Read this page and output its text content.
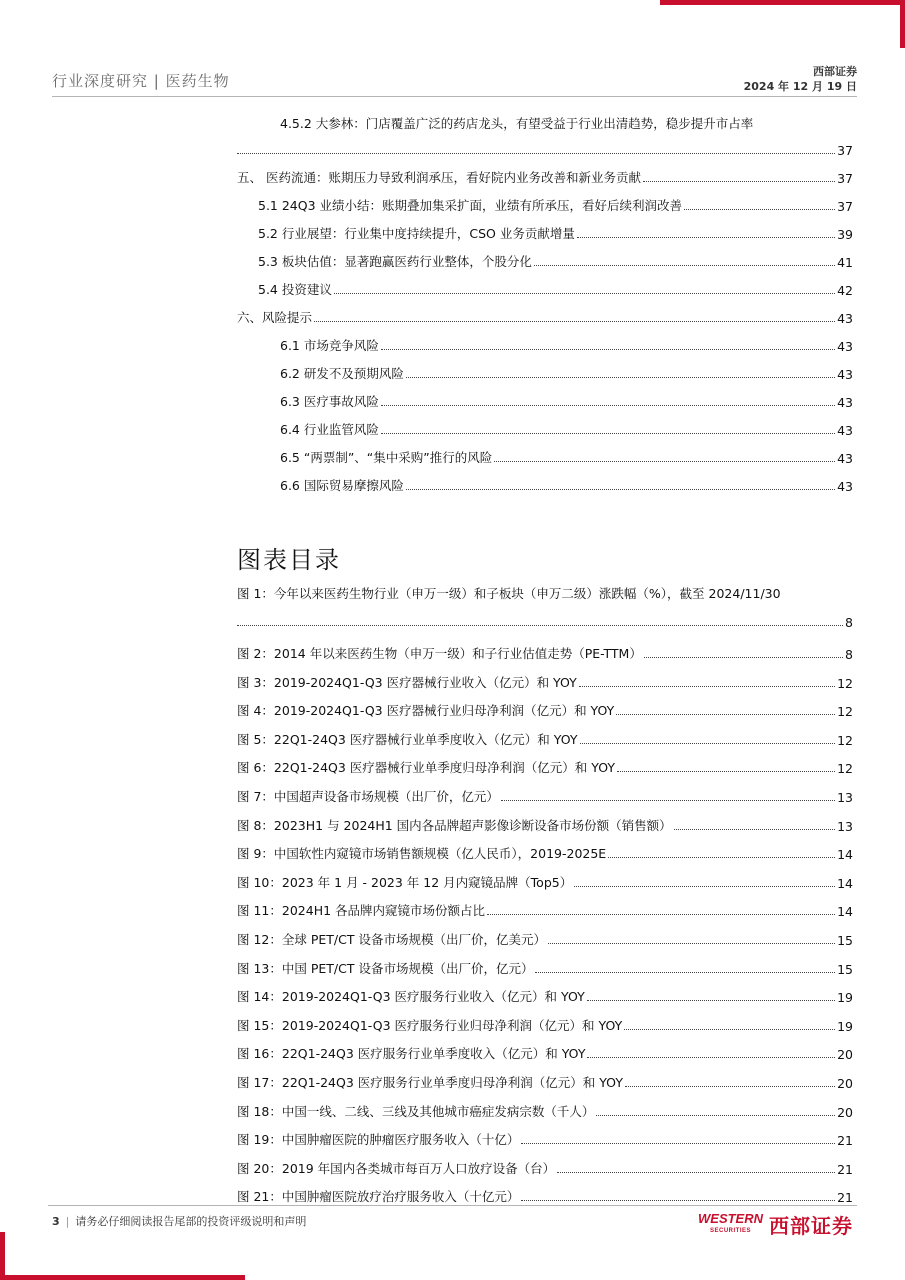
行业深度研究 | 医药生物
西部证券
2024 年 12 月 19 日
4.5.2 大参林：门店覆盖广泛的药店龙头，有望受益于行业出清趋势，稳步提升市占率
37
五、 医药流通：账期压力导致利润承压，看好院内业务改善和新业务贡献	37
5.1 24Q3 业绩小结：账期叠加集采扩面，业绩有所承压，看好后续利润改善	37
5.2 行业展望：行业集中度持续提升，CSO 业务贡献增量	39
5.3 板块估值：显著跑赢医药行业整体，个股分化	41
5.4 投资建议	42
六、风险提示	43
6.1 市场竞争风险	43
6.2 研发不及预期风险	43
6.3 医疗事故风险	43
6.4 行业监管风险	43
6.5 “两票制”、“集中采购”推行的风险	43
6.6 国际贸易摩擦风险	43
图表目录
图 1：今年以来医药生物行业（申万一级）和子板块（申万二级）涨跌幅（%），截至 2024/11/30
8
图 2：2014 年以来医药生物（申万一级）和子行业估值走势（PE-TTM）	8
图 3：2019-2024Q1-Q3 医疗器械行业收入（亿元）和 YOY	12
图 4：2019-2024Q1-Q3 医疗器械行业归母净利润（亿元）和 YOY	12
图 5：22Q1-24Q3 医疗器械行业单季度收入（亿元）和 YOY	12
图 6：22Q1-24Q3 医疗器械行业单季度归母净利润（亿元）和 YOY	12
图 7：中国超声设备市场规模（出厂价，亿元）	13
图 8：2023H1 与 2024H1 国内各品牌超声影像诊断设备市场份额（销售额）	13
图 9：中国软性内窥镜市场销售额规模（亿人民币），2019-2025E	14
图 10：2023 年 1 月 - 2023 年 12 月内窥镜品牌（Top5）	14
图 11：2024H1 各品牌内窥镜市场份额占比	14
图 12：全球 PET/CT 设备市场规模（出厂价，亿美元）	15
图 13：中国 PET/CT 设备市场规模（出厂价，亿元）	15
图 14：2019-2024Q1-Q3 医疗服务行业收入（亿元）和 YOY	19
图 15：2019-2024Q1-Q3 医疗服务行业归母净利润（亿元）和 YOY	19
图 16：22Q1-24Q3 医疗服务行业单季度收入（亿元）和 YOY	20
图 17：22Q1-24Q3 医疗服务行业单季度归母净利润（亿元）和 YOY	20
图 18：中国一线、二线、三线及其他城市癌症发病宗数（千人）	20
图 19：中国肿瘤医院的肿瘤医疗服务收入（十亿）	21
图 20：2019 年国内各类城市每百万人口放疗设备（台）	21
图 21：中国肿瘤医院放疗治疗服务收入（十亿元）	21
3 | 请务必仔细阅读报告尾部的投资评级说明和声明	WESTERN
SECURITIES 西部证券
